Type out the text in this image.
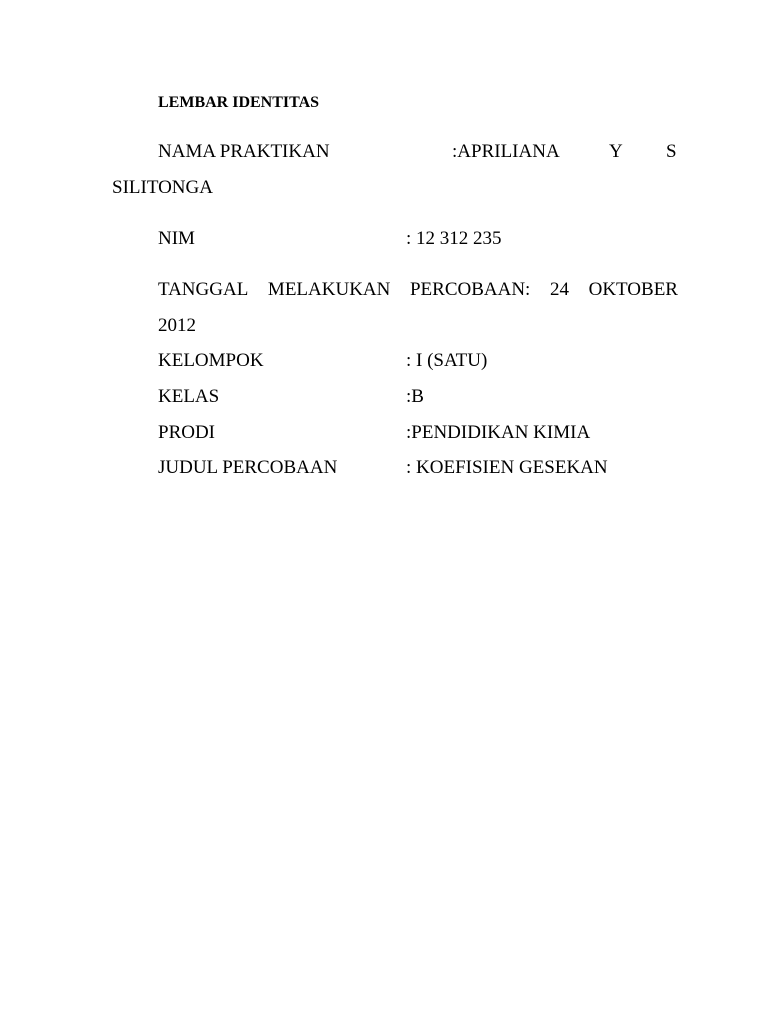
LEMBAR IDENTITAS
NAMA PRAKTIKAN	:APRILIANA	Y S
SILITONGA
NIM	: 12 312 235
TANGGAL MELAKUKAN PERCOBAAN: 24 OKTOBER
2012
KELOMPOK	: I (SATU)
KELAS	:B
PRODI	:PENDIDIKAN KIMIA
JUDUL PERCOBAAN	: KOEFISIEN GESEKAN
